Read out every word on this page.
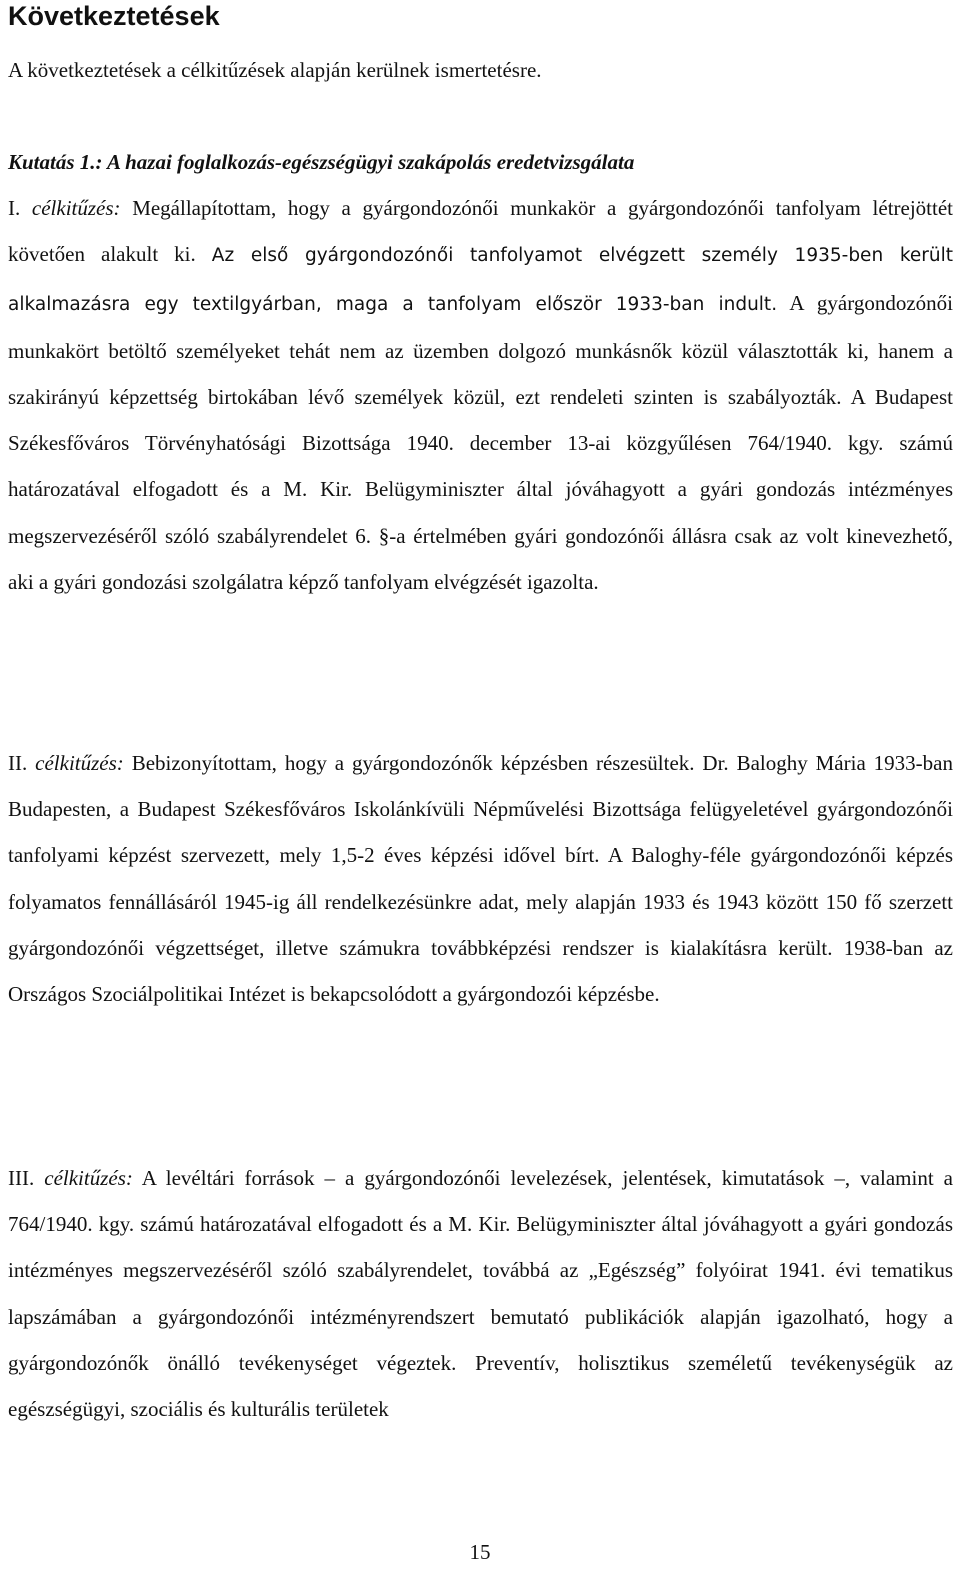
Következtetések

A következtetések a célkitűzések alapján kerülnek ismertetésre.

Kutatás 1.: A hazai foglalkozás-egészségügyi szakápolás eredetvizsgálata
I. célkitűzés: Megállapítottam, hogy a gyárgondozónői munkakör a gyárgondozónői tanfolyam létrejöttét követően alakult ki. Az első gyárgondozónői tanfolyamot elvégzett személy 1935-ben került alkalmazásra egy textilgyárban, maga a tanfolyam először 1933-ban indult. A gyárgondozónői munkakört betöltő személyeket tehát nem az üzemben dolgozó munkásnők közül választották ki, hanem a szakirányú képzettség birtokában lévő személyek közül, ezt rendeleti szinten is szabályozták. A Budapest Székesfőváros Törvényhatósági Bizottsága 1940. december 13-ai közgyűlésen 764/1940. kgy. számú határozatával elfogadott és a M. Kir. Belügyminiszter által jóváhagyott a gyári gondozás intézményes megszervezéséről szóló szabályrendelet 6. §-a értelmében gyári gondozónői állásra csak az volt kinevezhető, aki a gyári gondozási szolgálatra képző tanfolyam elvégzését igazolta.

II. célkitűzés: Bebizonyítottam, hogy a gyárgondozónők képzésben részesültek. Dr. Baloghy Mária 1933-ban Budapesten, a Budapest Székesfőváros Iskolánkívüli Népművelési Bizottsága felügyeletével gyárgondozónői tanfolyami képzést szervezett, mely 1,5-2 éves képzési idővel bírt. A Baloghy-féle gyárgondozónői képzés folyamatos fennállásáról 1945-ig áll rendelkezésünkre adat, mely alapján 1933 és 1943 között 150 fő szerzett gyárgondozónői végzettséget, illetve számukra továbbképzési rendszer is kialakításra került. 1938-ban az Országos Szociálpolitikai Intézet is bekapcsolódott a gyárgondozói képzésbe.

III. célkitűzés: A levéltári források – a gyárgondozónői levelezések, jelentések, kimutatások –, valamint a 764/1940. kgy. számú határozatával elfogadott és a M. Kir. Belügyminiszter által jóváhagyott a gyári gondozás intézményes megszervezéséről szóló szabályrendelet, továbbá az „Egészség” folyóirat 1941. évi tematikus lapszámában a gyárgondozónői intézményrendszert bemutató publikációk alapján igazolható, hogy a gyárgondozónők önálló tevékenységet végeztek. Preventív, holisztikus személetű tevékenységük az egészségügyi, szociális és kulturális területek

15
